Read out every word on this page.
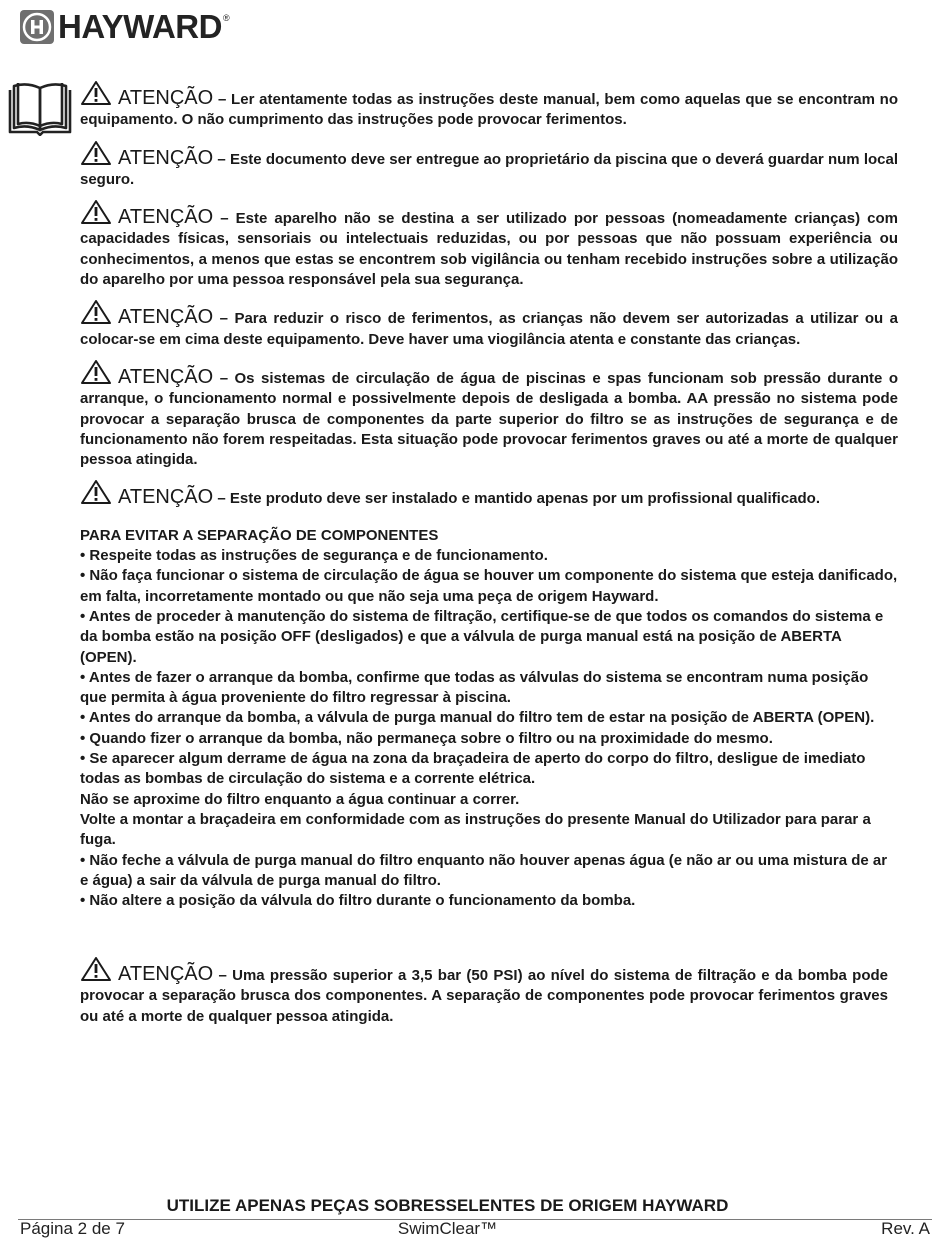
HAYWARD ®

ATENÇÃO – Ler atentamente todas as instruções deste manual, bem como aquelas que se encontram no equipamento. O não cumprimento das instruções pode provocar ferimentos.

ATENÇÃO – Este documento deve ser entregue ao proprietário da piscina que o deverá guardar num local seguro.

ATENÇÃO – Este aparelho não se destina a ser utilizado por pessoas (nomeadamente crianças) com capacidades físicas, sensoriais ou intelectuais reduzidas, ou por pessoas que não possuam experiência ou conhecimentos, a menos que estas se encontrem sob vigilância ou tenham recebido instruções sobre a utilização do aparelho por uma pessoa responsável pela sua segurança.

ATENÇÃO – Para reduzir o risco de ferimentos, as crianças não devem ser autorizadas a utilizar ou a colocar-se em cima deste equipamento. Deve haver uma viogilância atenta e constante das crianças.

ATENÇÃO – Os sistemas de circulação de água de piscinas e spas funcionam sob pressão durante o arranque, o funcionamento normal e possivelmente depois de desligada a bomba. AA pressão no sistema pode provocar a separação brusca de componentes da parte superior do filtro se as instruções de segurança e de funcionamento não forem respeitadas. Esta situação pode provocar ferimentos graves ou até a morte de qualquer pessoa atingida.

ATENÇÃO – Este produto deve ser instalado e mantido apenas por um profissional qualificado.

PARA EVITAR A SEPARAÇÃO DE COMPONENTES

• Respeite todas as instruções de segurança e de funcionamento.

• Não faça funcionar o sistema de circulação de água se houver um componente do sistema que esteja danificado, em falta, incorretamente montado ou que não seja uma peça de origem Hayward.

• Antes de proceder à manutenção do sistema de filtração, certifique-se de que todos os comandos do sistema e da bomba estão na posição OFF (desligados) e que a válvula de purga manual está na posição de ABERTA (OPEN).

• Antes de fazer o arranque da bomba, confirme que todas as válvulas do sistema se encontram numa posição que permita à água proveniente do filtro regressar à piscina.

• Antes do arranque da bomba, a válvula de purga manual do filtro tem de estar na posição de ABERTA (OPEN).

• Quando fizer o arranque da bomba, não permaneça sobre o filtro ou na proximidade do mesmo.

• Se aparecer algum derrame de água na zona da braçadeira de aperto do corpo do filtro, desligue de imediato todas as bombas de circulação do sistema e a corrente elétrica.

Não se aproxime do filtro enquanto a água continuar a correr.

Volte a montar a braçadeira em conformidade com as instruções do presente Manual do Utilizador para parar a fuga.

• Não feche a válvula de purga manual do filtro enquanto não houver apenas água (e não ar ou uma mistura de ar e água) a sair da válvula de purga manual do filtro.

• Não altere a posição da válvula do filtro durante o funcionamento da bomba.

ATENÇÃO – Uma pressão superior a 3,5 bar (50 PSI) ao nível do sistema de filtração e da bomba pode provocar a separação brusca dos componentes. A separação de componentes pode provocar ferimentos graves ou até a morte de qualquer pessoa atingida.

UTILIZE APENAS PEÇAS SOBRESSELENTES DE ORIGEM HAYWARD
Página 2 de 7	SwimClear™	Rev. A
